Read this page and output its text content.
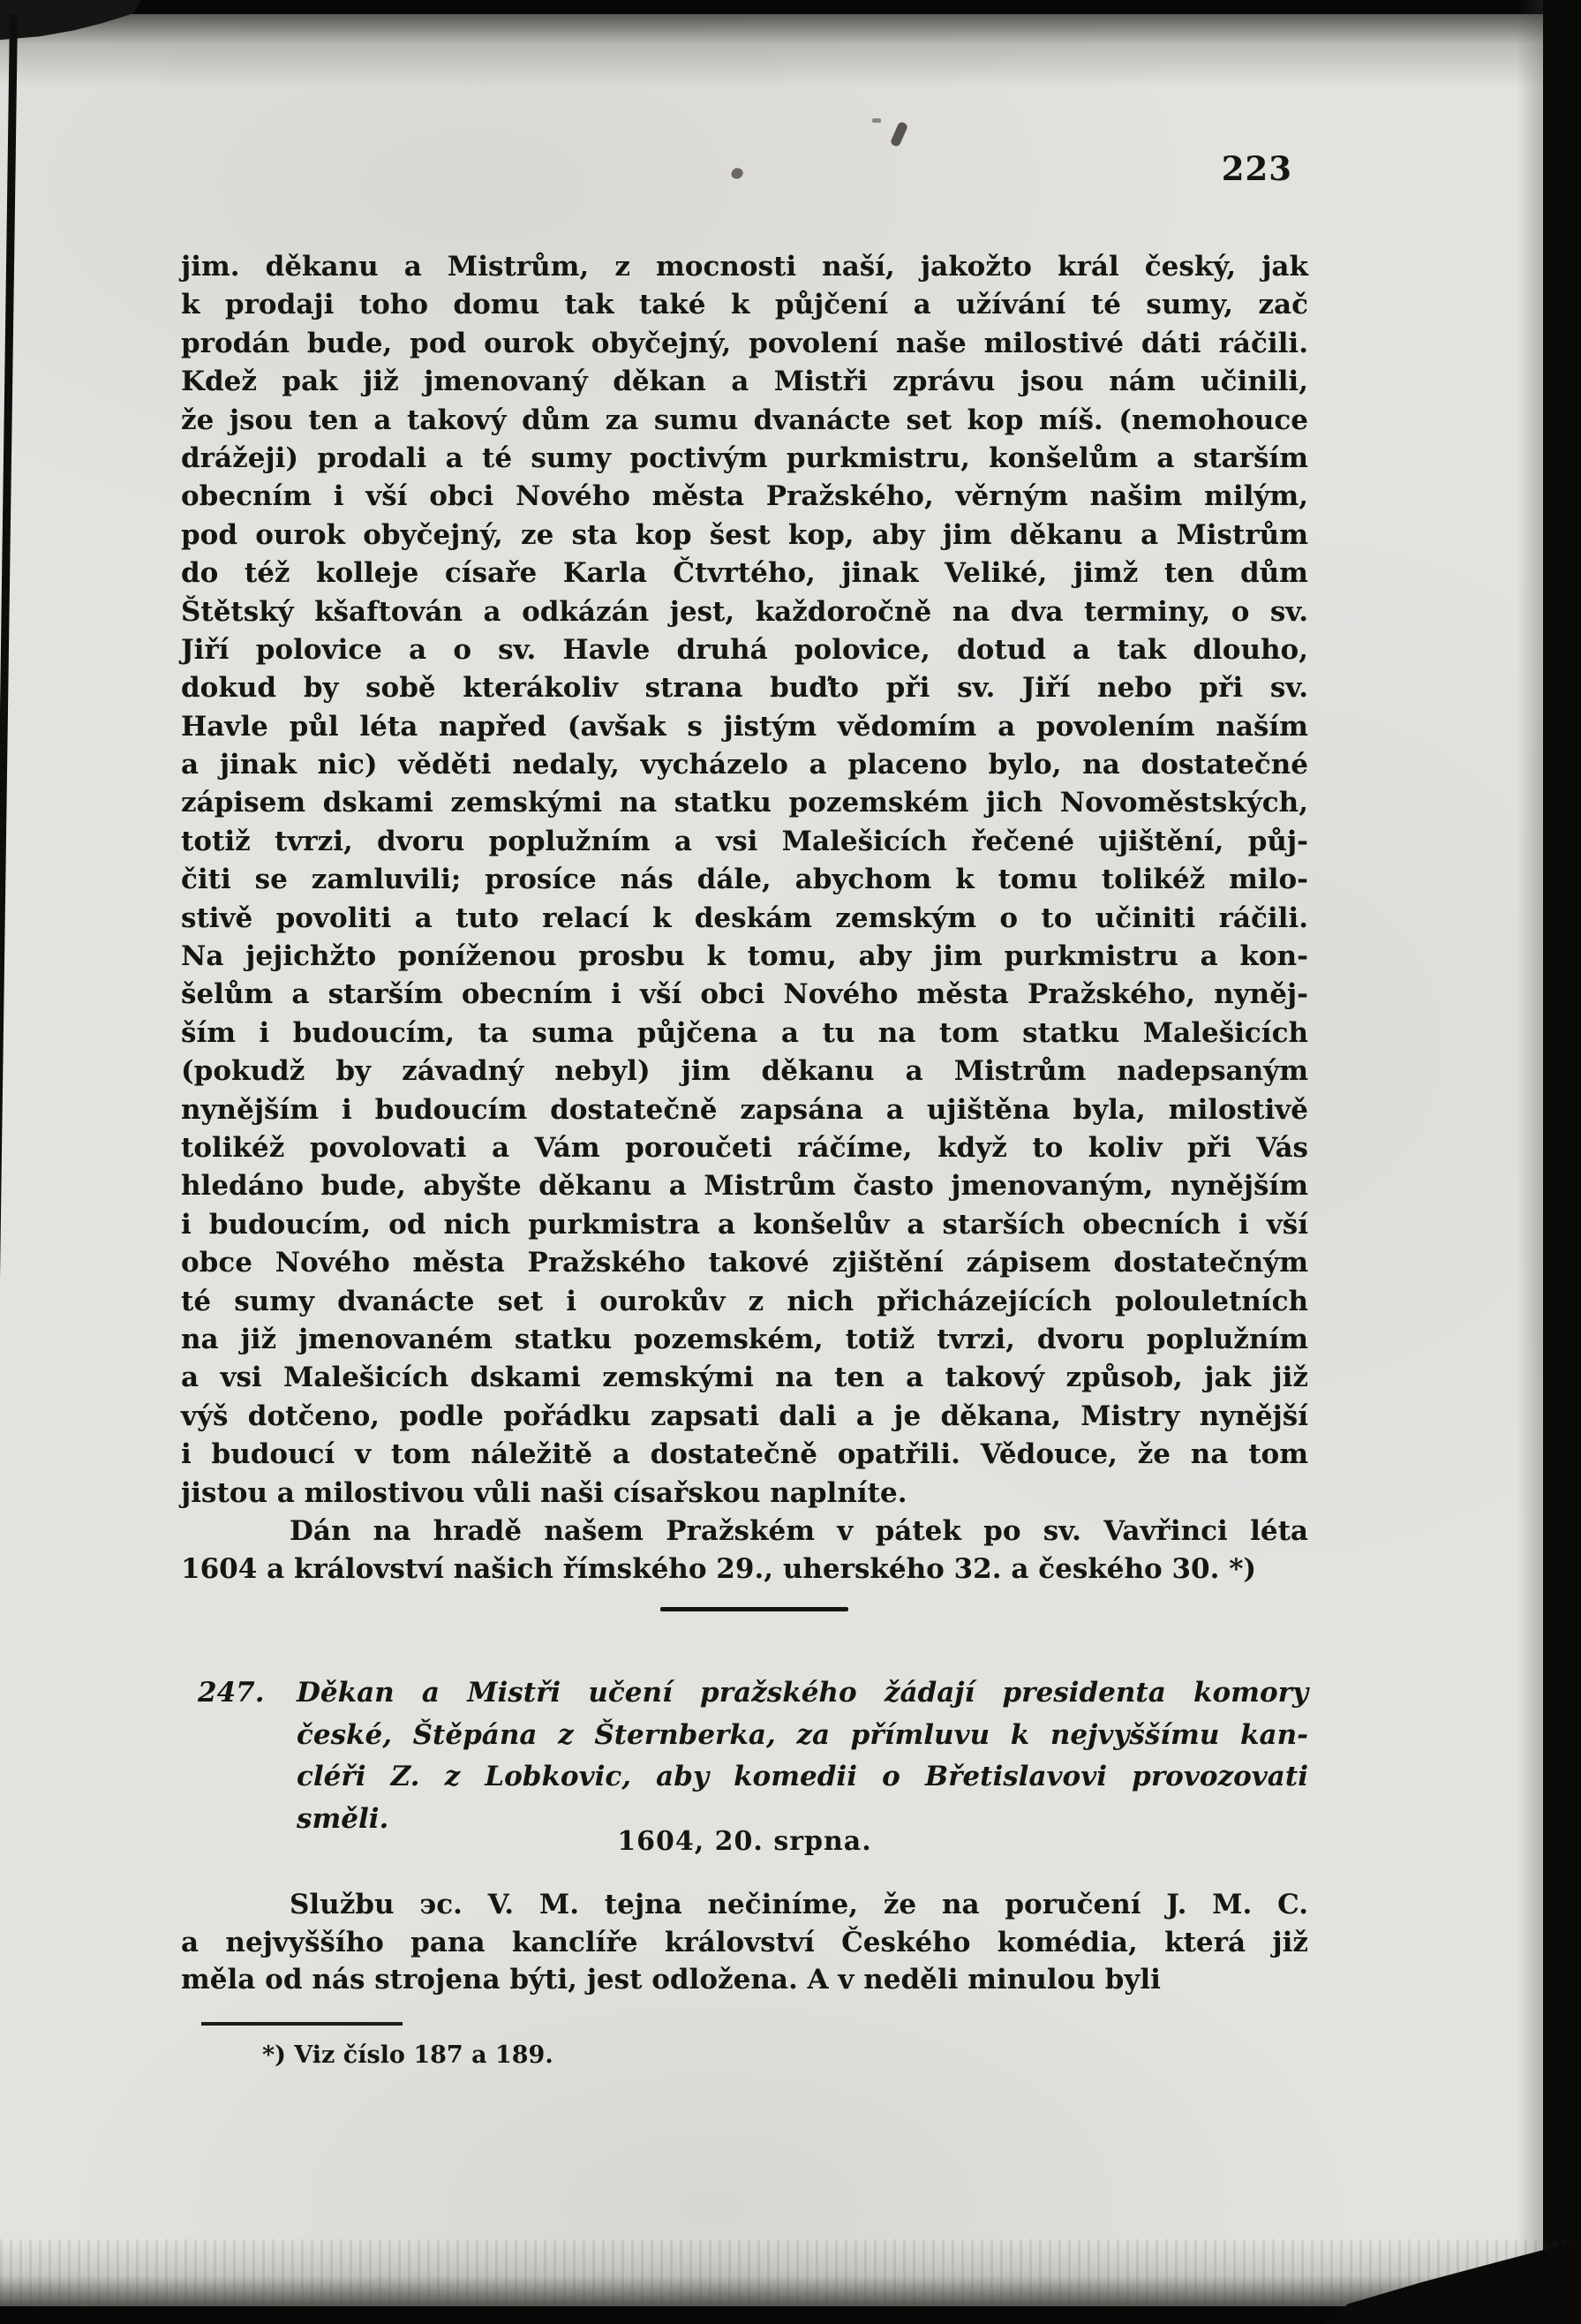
223
jim. děkanu a Mistrům, z mocnosti naší, jakožto král český, jak
k prodaji toho domu tak také k půjčení a užívání té sumy, zač
prodán bude, pod ourok obyčejný, povolení naše milostivé dáti ráčili.
Kdež pak již jmenovaný děkan a Mistři zprávu jsou nám učinili,
že jsou ten a takový dům za sumu dvanácte set kop míš. (nemohouce
drážeji) prodali a té sumy poctivým purkmistru, konšelům a starším
obecním i vší obci Nového města Pražského, věrným našim milým,
pod ourok obyčejný, ze sta kop šest kop, aby jim děkanu a Mistrům
do též kolleje císaře Karla Čtvrtého, jinak Veliké, jimž ten dům
Štětský kšaftován a odkázán jest, každoročně na dva terminy, o sv.
Jiří polovice a o sv. Havle druhá polovice, dotud a tak dlouho,
dokud by sobě kterákoliv strana buďto při sv. Jiří nebo při sv.
Havle půl léta napřed (avšak s jistým vědomím a povolením naším
a jinak nic) věděti nedaly, vycházelo a placeno bylo, na dostatečné
zápisem dskami zemskými na statku pozemském jich Novoměstských,
totiž tvrzi, dvoru poplužním a vsi Malešicích řečené ujištění, půj-
čiti se zamluvili; prosíce nás dále, abychom k tomu tolikéž milo-
stivě povoliti a tuto relací k deskám zemským o to učiniti ráčili.
Na jejichžto poníženou prosbu k tomu, aby jim purkmistru a kon-
šelům a starším obecním i vší obci Nového města Pražského, nyněj-
ším i budoucím, ta suma půjčena a tu na tom statku Malešicích
(pokudž by závadný nebyl) jim děkanu a Mistrům nadepsaným
nynějším i budoucím dostatečně zapsána a ujištěna byla, milostivě
tolikéž povolovati a Vám poroučeti ráčíme, když to koliv při Vás
hledáno bude, abyšte děkanu a Mistrům často jmenovaným, nynějším
i budoucím, od nich purkmistra a konšelův a starších obecních i vší
obce Nového města Pražského takové zjištění zápisem dostatečným
té sumy dvanácte set i ourokův z nich přicházejících polouletních
na již jmenovaném statku pozemském, totiž tvrzi, dvoru poplužním
a vsi Malešicích dskami zemskými na ten a takový způsob, jak již
výš dotčeno, podle pořádku zapsati dali a je děkana, Mistry nynější
i budoucí v tom náležitě a dostatečně opatřili. Vědouce, že na tom
jistou a milostivou vůli naši císařskou naplníte.
Dán na hradě našem Pražském v pátek po sv. Vavřinci léta
1604 a království našich římského 29., uherského 32. a českého 30. *)
247. Děkan a Mistři učení pražského žádají presidenta komory
české, Štěpána z Šternberka, za přímluvu k nejvyššímu kan-
cléři Z. z Lobkovic, aby komedii o Břetislavovi provozovati
směli.
1604, 20. srpna.
Službu эc. V. M. tejna nečiníme, že na poručení J. M. C.
a nejvyššího pana kanclíře království Českého komédia, která již
měla od nás strojena býti, jest odložena. A v neděli minulou byli
*) Viz číslo 187 a 189.
